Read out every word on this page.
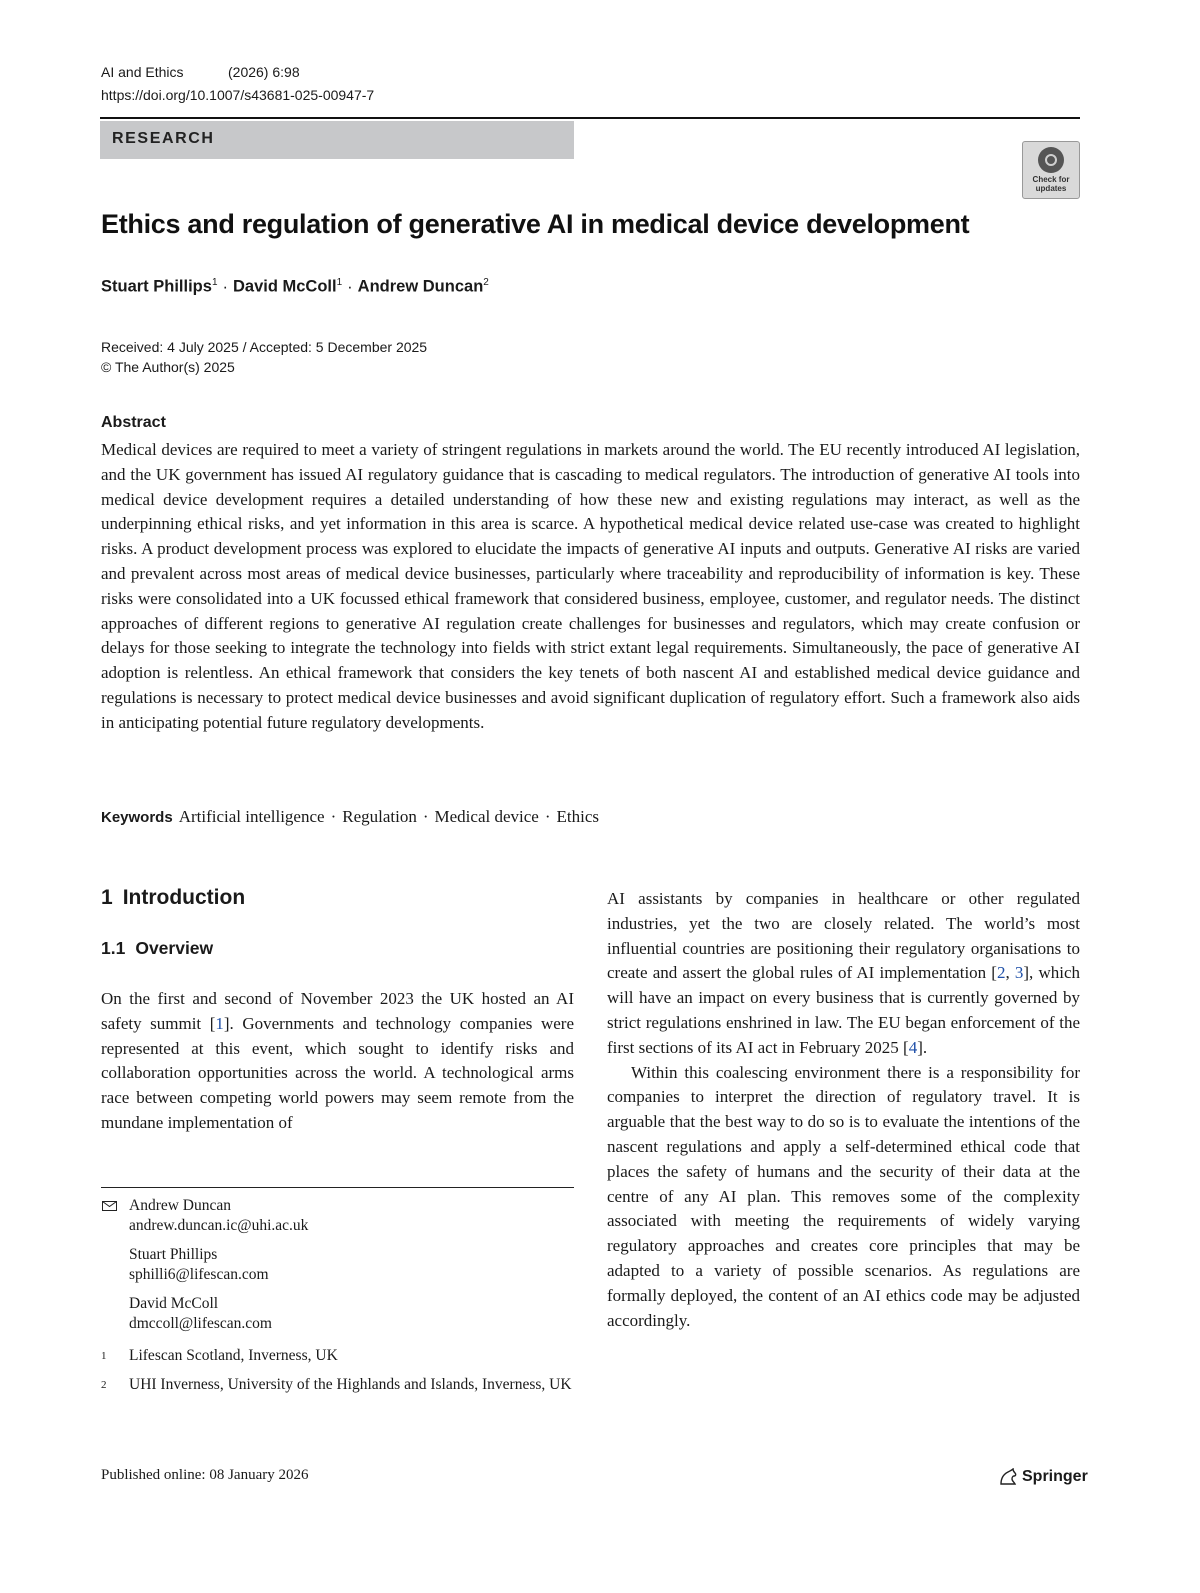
AI and Ethics	(2026) 6:98
https://doi.org/10.1007/s43681-025-00947-7
RESEARCH
Check for updates
Ethics and regulation of generative AI in medical device development
Stuart Phillips$^1$ · David McColl$^1$ · Andrew Duncan$^2$
Received: 4 July 2025 / Accepted: 5 December 2025
© The Author(s) 2025
Abstract
Medical devices are required to meet a variety of stringent regulations in markets around the world. The EU recently introduced AI legislation, and the UK government has issued AI regulatory guidance that is cascading to medical regulators. The introduction of generative AI tools into medical device development requires a detailed understanding of how these new and existing regulations may interact, as well as the underpinning ethical risks, and yet information in this area is scarce. A hypothetical medical device related use-case was created to highlight risks. A product development process was explored to elucidate the impacts of generative AI inputs and outputs. Generative AI risks are varied and prevalent across most areas of medical device businesses, particularly where traceability and reproducibility of information is key. These risks were consolidated into a UK focussed ethical framework that considered business, employee, customer, and regulator needs. The distinct approaches of different regions to generative AI regulation create challenges for businesses and regulators, which may create confusion or delays for those seeking to integrate the technology into fields with strict extant legal requirements. Simultaneously, the pace of generative AI adoption is relentless. An ethical framework that considers the key tenets of both nascent AI and established medical device guidance and regulations is necessary to protect medical device businesses and avoid significant duplication of regulatory effort. Such a framework also aids in anticipating potential future regulatory developments.
Keywords Artificial intelligence · Regulation · Medical device · Ethics
1 Introduction
1.1 Overview
On the first and second of November 2023 the UK hosted an AI safety summit [1]. Governments and technology companies were represented at this event, which sought to identify risks and collaboration opportunities across the world. A technological arms race between competing world powers may seem remote from the mundane implementation of

AI assistants by companies in healthcare or other regulated industries, yet the two are closely related. The world’s most influential countries are positioning their regulatory organisations to create and assert the global rules of AI implementation [2, 3], which will have an impact on every business that is currently governed by strict regulations enshrined in law. The EU began enforcement of the first sections of its AI act in February 2025 [4].

Within this coalescing environment there is a responsibility for companies to interpret the direction of regulatory travel. It is arguable that the best way to do so is to evaluate the intentions of the nascent regulations and apply a self-determined ethical code that places the safety of humans and the security of their data at the centre of any AI plan. This removes some of the complexity associated with meeting the requirements of widely varying regulatory approaches and creates core principles that may be adapted to a variety of possible scenarios. As regulations are formally deployed, the content of an AI ethics code may be adjusted accordingly.

Andrew Duncan
andrew.duncan.ic@uhi.ac.uk
Stuart Phillips
sphilli6@lifescan.com
David McColl
dmccoll@lifescan.com
$^1$	Lifescan Scotland, Inverness, UK
$^2$	UHI Inverness, University of the Highlands and Islands, Inverness, UK
Published online: 08 January 2026	Springer
